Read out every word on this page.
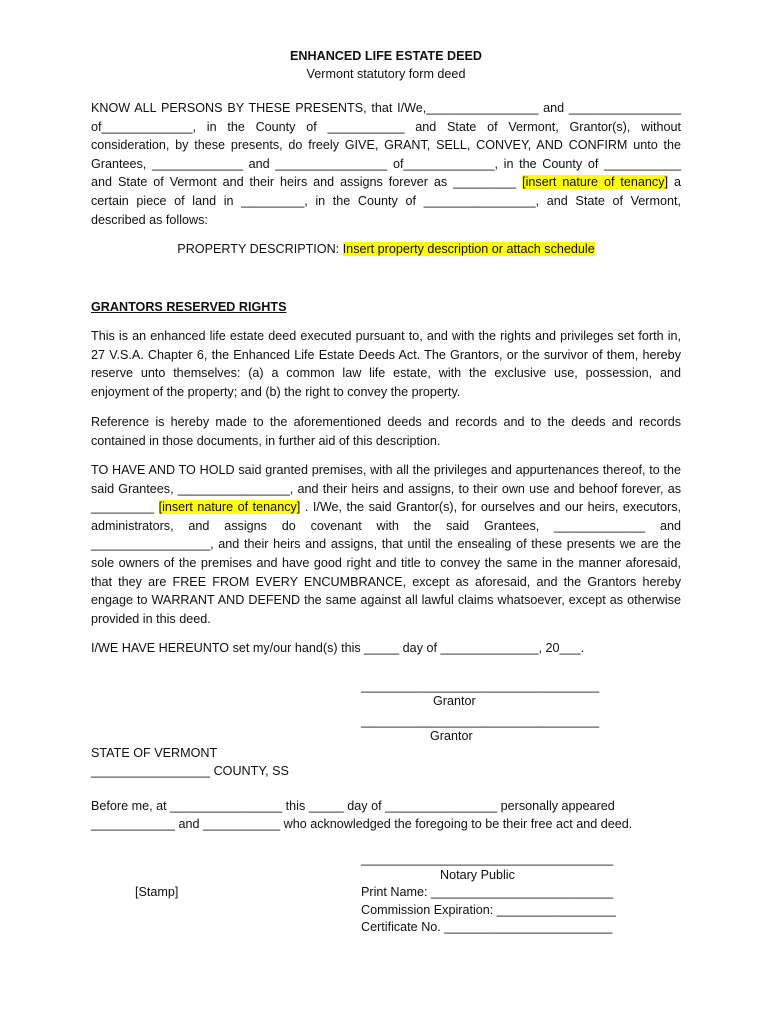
ENHANCED LIFE ESTATE DEED

Vermont statutory form deed

KNOW ALL PERSONS BY THESE PRESENTS, that I/We,________________ and ________________ of_____________, in the County of ___________ and State of Vermont, Grantor(s), without consideration, by these presents, do freely GIVE, GRANT, SELL, CONVEY, AND CONFIRM unto the Grantees, _____________ and ________________ of_____________, in the County of ___________ and State of Vermont and their heirs and assigns forever as _________ [insert nature of tenancy] a certain piece of land in _________, in the County of ________________, and State of Vermont, described as follows:

PROPERTY DESCRIPTION: Insert property description or attach schedule

GRANTORS RESERVED RIGHTS

This is an enhanced life estate deed executed pursuant to, and with the rights and privileges set forth in, 27 V.S.A. Chapter 6, the Enhanced Life Estate Deeds Act. The Grantors, or the survivor of them, hereby reserve unto themselves: (a) a common law life estate, with the exclusive use, possession, and enjoyment of the property; and (b) the right to convey the property.

Reference is hereby made to the aforementioned deeds and records and to the deeds and records contained in those documents, in further aid of this description.

TO HAVE AND TO HOLD said granted premises, with all the privileges and appurtenances thereof, to the said Grantees, ________________, and their heirs and assigns, to their own use and behoof forever, as _________ [insert nature of tenancy] . I/We, the said Grantor(s), for ourselves and our heirs, executors, administrators, and assigns do covenant with the said Grantees, _____________ and _________________, and their heirs and assigns, that until the ensealing of these presents we are the sole owners of the premises and have good right and title to convey the same in the manner aforesaid, that they are FREE FROM EVERY ENCUMBRANCE, except as aforesaid, and the Grantors hereby engage to WARRANT AND DEFEND the same against all lawful claims whatsoever, except as otherwise provided in this deed.

I/WE HAVE HEREUNTO set my/our hand(s) this _____ day of ______________, 20___.

__________________________________

Grantor

__________________________________

Grantor

STATE OF VERMONT

_________________ COUNTY, SS

Before me, at ________________ this _____ day of ________________ personally appeared

____________ and ___________ who acknowledged the foregoing to be their free act and deed.

____________________________________

Notary Public

[Stamp]	Print Name: __________________________

Commission Expiration: _________________

Certificate No. ________________________
